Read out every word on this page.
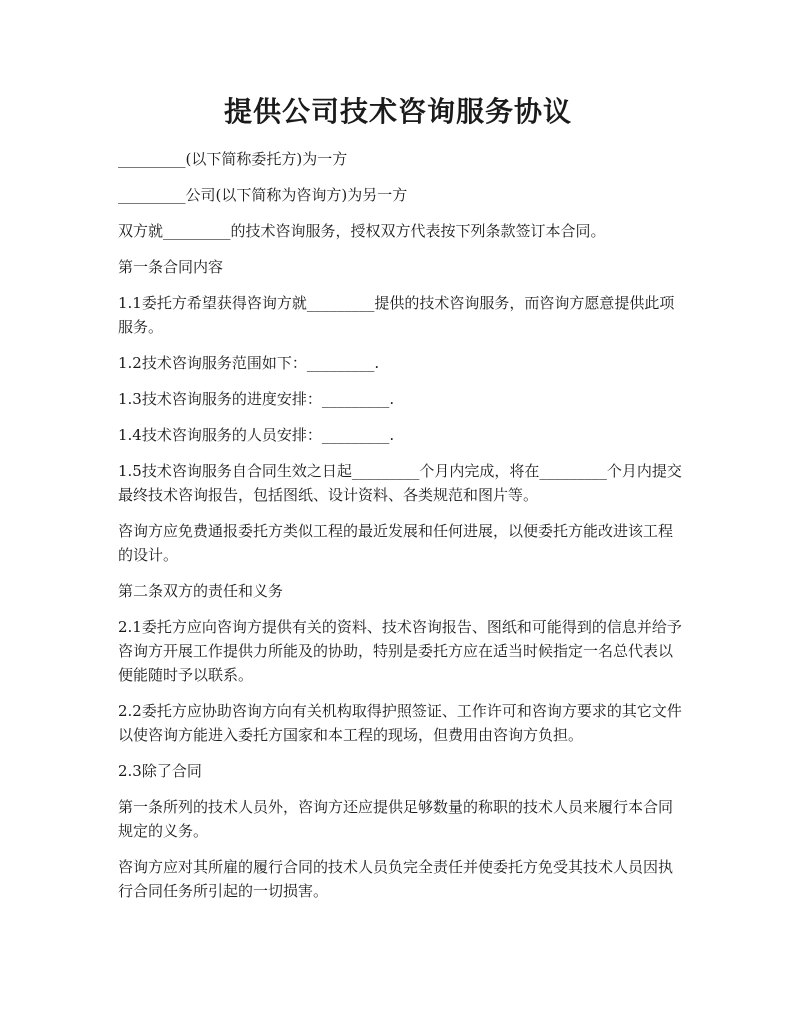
提供公司技术咨询服务协议

_________(以下简称委托方)为一方

_________公司(以下简称为咨询方)为另一方

双方就_________的技术咨询服务，授权双方代表按下列条款签订本合同。

第一条合同内容

1.1委托方希望获得咨询方就_________提供的技术咨询服务，而咨询方愿意提供此项服务。

1.2技术咨询服务范围如下：_________.

1.3技术咨询服务的进度安排：_________.

1.4技术咨询服务的人员安排：_________.

1.5技术咨询服务自合同生效之日起_________个月内完成，将在_________个月内提交最终技术咨询报告，包括图纸、设计资料、各类规范和图片等。

咨询方应免费通报委托方类似工程的最近发展和任何进展，以便委托方能改进该工程的设计。

第二条双方的责任和义务

2.1委托方应向咨询方提供有关的资料、技术咨询报告、图纸和可能得到的信息并给予咨询方开展工作提供力所能及的协助，特别是委托方应在适当时候指定一名总代表以便能随时予以联系。

2.2委托方应协助咨询方向有关机构取得护照签证、工作许可和咨询方要求的其它文件以使咨询方能进入委托方国家和本工程的现场，但费用由咨询方负担。

2.3除了合同

第一条所列的技术人员外，咨询方还应提供足够数量的称职的技术人员来履行本合同规定的义务。

咨询方应对其所雇的履行合同的技术人员负完全责任并使委托方免受其技术人员因执行合同任务所引起的一切损害。
